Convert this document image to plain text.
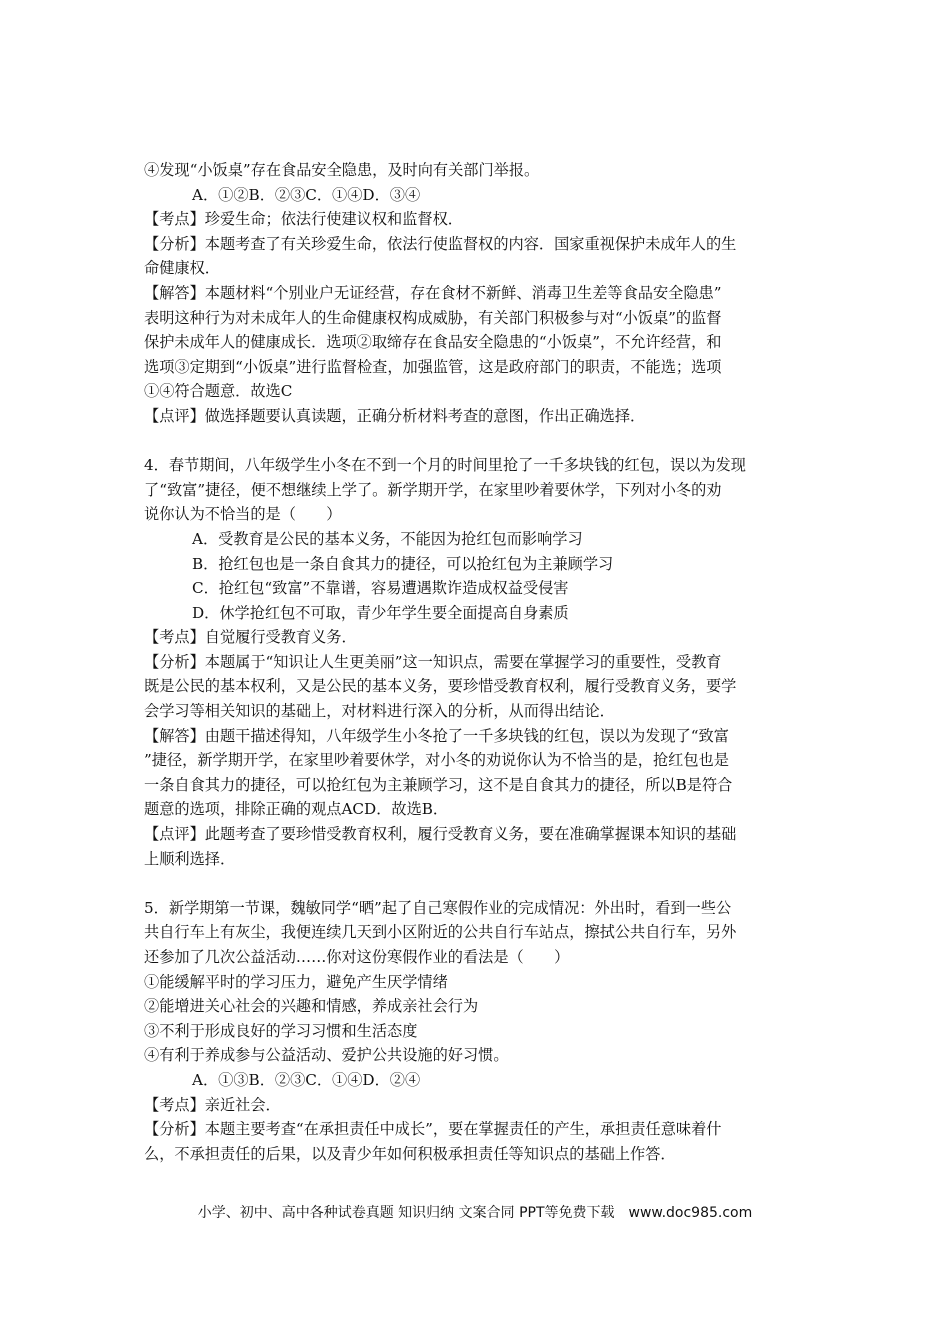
④发现“小饭桌”存在食品安全隐患，及时向有关部门举报。

A．①②B．②③C．①④D．③④

【考点】珍爱生命；依法行使建议权和监督权．

【分析】本题考查了有关珍爱生命，依法行使监督权的内容．国家重视保护未成年人的生

命健康权．

【解答】本题材料“个别业户无证经营，存在食材不新鲜、消毒卫生差等食品安全隐患”

表明这种行为对未成年人的生命健康权构成威胁，有关部门积极参与对“小饭桌”的监督

保护未成年人的健康成长．选项②取缔存在食品安全隐患的“小饭桌”，不允许经营，和

选项③定期到“小饭桌”进行监督检查，加强监管，这是政府部门的职责，不能选；选项

①④符合题意．故选C

【点评】做选择题要认真读题，正确分析材料考查的意图，作出正确选择．

4．春节期间，八年级学生小冬在不到一个月的时间里抢了一千多块钱的红包，误以为发现

了“致富”捷径，便不想继续上学了。新学期开学，在家里吵着要休学，下列对小冬的劝

说你认为不恰当的是（　　）

A．受教育是公民的基本义务，不能因为抢红包而影响学习

B．抢红包也是一条自食其力的捷径，可以抢红包为主兼顾学习

C．抢红包“致富”不靠谱，容易遭遇欺诈造成权益受侵害

D．休学抢红包不可取，青少年学生要全面提高自身素质

【考点】自觉履行受教育义务．

【分析】本题属于“知识让人生更美丽”这一知识点，需要在掌握学习的重要性，受教育

既是公民的基本权利，又是公民的基本义务，要珍惜受教育权利，履行受教育义务，要学

会学习等相关知识的基础上，对材料进行深入的分析，从而得出结论．

【解答】由题干描述得知，八年级学生小冬抢了一千多块钱的红包，误以为发现了“致富

”捷径，新学期开学，在家里吵着要休学，对小冬的劝说你认为不恰当的是，抢红包也是

一条自食其力的捷径，可以抢红包为主兼顾学习，这不是自食其力的捷径，所以B是符合

题意的选项，排除正确的观点ACD．故选B．

【点评】此题考查了要珍惜受教育权利，履行受教育义务，要在准确掌握课本知识的基础

上顺利选择．

5．新学期第一节课，魏敏同学“晒”起了自己寒假作业的完成情况：外出时，看到一些公

共自行车上有灰尘，我便连续几天到小区附近的公共自行车站点，擦拭公共自行车，另外

还参加了几次公益活动……你对这份寒假作业的看法是（　　）

①能缓解平时的学习压力，避免产生厌学情绪

②能增进关心社会的兴趣和情感，养成亲社会行为

③不利于形成良好的学习习惯和生活态度

④有利于养成参与公益活动、爱护公共设施的好习惯。

A．①③B．②③C．①④D．②④

【考点】亲近社会．

【分析】本题主要考查“在承担责任中成长”，要在掌握责任的产生，承担责任意味着什

么，不承担责任的后果，以及青少年如何积极承担责任等知识点的基础上作答．

小学、初中、高中各种试卷真题 知识归纳 文案合同 PPT等免费下载　www.doc985.com
